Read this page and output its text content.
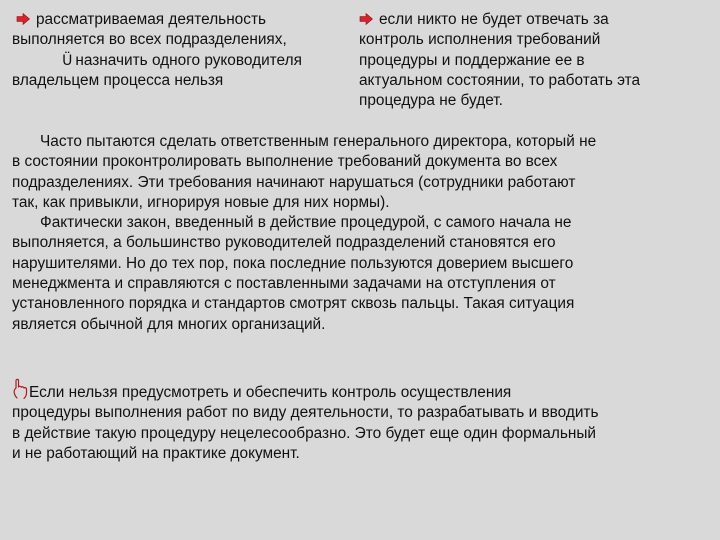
рассматриваемая деятельность
выполняется во всех подразделениях,
Ü назначить одного руководителя
владельцем процесса нельзя
если никто не будет отвечать за
контроль исполнения требований
процедуры и поддержание ее в
актуальном состоянии, то работать эта
процедура не будет.

Часто пытаются сделать ответственным генерального директора, который не

в состоянии проконтролировать выполнение требований документа во всех

подразделениях. Эти требования начинают нарушаться (сотрудники работают

так, как привыкли, игнорируя новые для них нормы).

Фактически закон, введенный в действие процедурой, с самого начала не

выполняется, а большинство руководителей подразделений становятся его

нарушителями. Но до тех пор, пока последние пользуются доверием высшего

менеджмента и справляются с поставленными задачами на отступления от

установленного порядка и стандартов смотрят сквозь пальцы. Такая ситуация

является обычной для многих организаций.

Если нельзя предусмотреть и обеспечить контроль осуществления
процедуры выполнения работ по виду деятельности, то разрабатывать и вводить
в действие такую процедуру нецелесообразно. Это будет еще один формальный
и не работающий на практике документ.
